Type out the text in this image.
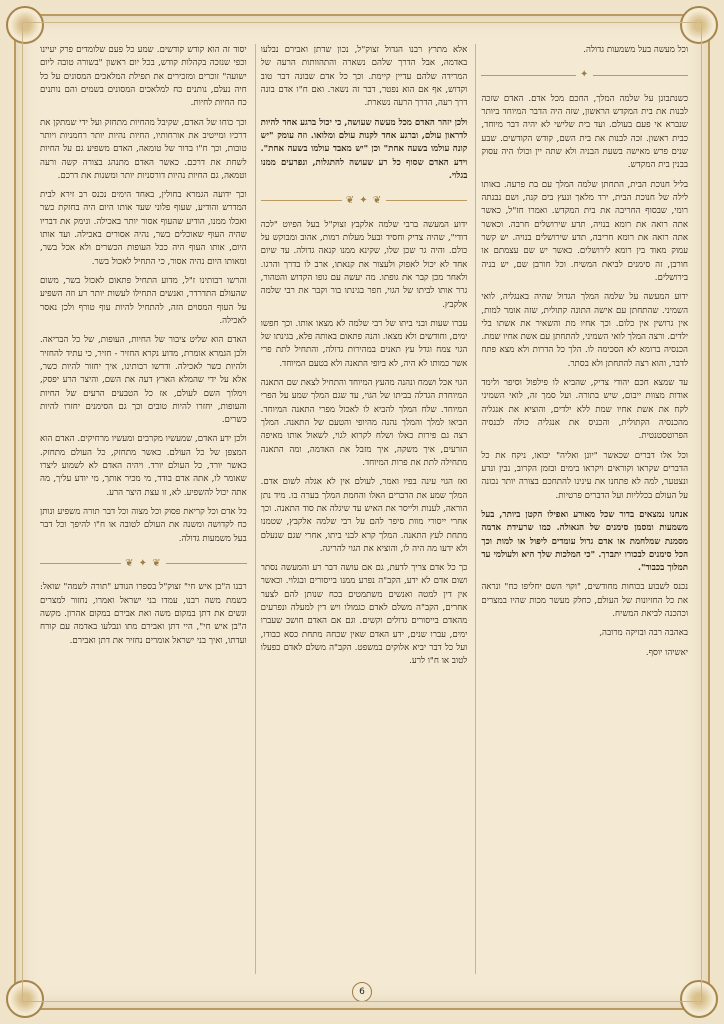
יסוד זה הוא קודש קודשים. שמע כל פעם שלומדים פרק יעיינו וכפי שנזכה בקהלות קודש, בכל יום ראשון "בשורה טובה ליום ישועה" זוכרים ומזכירים את תפילת המלאכים המסונים על כל חיה נעלם, נותנים כח למלאכים המסונים בשמים והם נותנים כח החיות לחיות.

וכך כוחו של האדם, שקיבל מהחיות מתחזק ועל ידי שמתקן את דרכיו ומייטיב את אורחותיו, החיות נהיות יותר רחמניות ויותר טובות, וכך ח"ו בדור של טומאה, האדם משפיע גם על החיות לשחת את דרכם. כאשר האדם מתנהג בצורה קשה ורעה וטמאה, גם החיות נהיות דורסניות יותר ומשנות את דרכם.

וכך ידועה הגמרא בחולין, באחד הימים נכנס רב זירא לבית המדרש והודיע, שעוף פלוני שעד אותו היום היה בחזקת כשר ואכלו ממנו, הודיע שהעוף אסור יותר באכילה. ונימק את דבריו שהיה העוף שאוכלים בשר, נהיה אסורים באכילה. ועד אותו היום, אותו העוף היה ככל העופות הכשרים ולא אכל בשר, ומאותו היום נהיה אסור, כי התחיל לאכול בשר.

והרשו רבותינו ז"ל, מדוע התחיל פתאום לאכול בשר, משום שהעולם התדרדר, ואנשים התחילו לעשות יותר רע וזה השפיע על העוף המסוים הזה, להתחיל להיות עוף טורף ולכן נאסר לאכילה.

האדם הוא שליט ציבור של החיות, העופות, של כל הבריאה. ולכן הגמרא אומרת, מדוע נקרא החזיר - חזיר, כי עתיד להחזיר ולהיות כשר לאכילה. ודרשו רבותינו, איך יחזור להיות כשר, אלא על ידי שהמלא הארץ דעה את השם, והיצר הרע יפסק, וימלוך השם לעולם, אז כל הטבעים הרעים של החיות והעופות, יחזרו להיות טובים וכך גם הסימנים יחזרו להיות כשרים.

ולכן ידע האדם, שמעשיו מקרבים ומעשיו מרחיקים. האדם הוא המצפן של כל העולם. כאשר מתחזק, כל העולם מתחזק. כאשר יורד, כל העולם יורד. ויהיה האדם לא לשמוע ליצרו שאומר לו, אתה אדם בודד, מי מכיר אותך, מי יודע עליך, מה אתה יכול להשפיע. לא, זו עצת היצר הרע.

כל אדם וכל קריאת פסוק וכל מצוה וכל דבר תורה משפיע ונותן כח לקדושה ומשנה את העולם לטובה או ח"ו להיפך וכל דבר בעל משמעות גדולה.

❦ ✦ ❦

רבנו ה"בן איש חי" זצוק"ל בספרו הנודע "תורה לשמה" שואל: כשמת משה רבנו, עמדו בני ישראל ואמרו, נחזור למצרים ונשים את דתן במקום משה ואת אבירם במקום אהרון. מקשה ה"בן איש חי", היי דתן ואבירם מתו ונבלעו באדמה עם קורח ועדתו, ואיך בני ישראל אומרים נחזיר את דתן ואבירם.

אלא מתרץ רבנו הגדול זצוק"ל, נכון שדתן ואבירם נבלעו באדמה, אבל הדרך שלהם נשארה והתהוותות הרעה של המרידה שלהם עדיין קיימת. וכך כל אדם שבונה דבר טוב וקדוש, אף אם הוא נפטר, דבר זה נשאר. ואם ח"ו אדם בונה דרך רעה, הדרך הרעה נשארת.

ולכן יזהר האדם מכל מעשה שעושה, כי יכול ברגע אחד להיות לדראון עולם, וברגע אחד לקנות עולם ומלואו. וזה עומק "יש קונה עולמו בשעה אחת" וכן "יש מאבד עולמו בשעה אחת". וידע האדם שסוף כל רע שעושה להתגלות, ונפרעים ממנו בגלוי.

❦ ✦ ❦

ידוע המעשה ברבי שלמה אלקבץ זצוק"ל בעל הפיוט "לכה דודי", שהיה צדיק וחסיד ובעל מעלות רמות, אהוב ומבוקש על כולם. והיה גר שכן שלו, שקינא ממנו קנאה גדולה. עד שיום אחד לא יכול לאפוק ולעצור את קנאתו, ארב לו בדרך והרגו. ולאחר מכן קבר את גופתו. מה יעשה עם גופו הקדוש והטהור, גרר אותו לביתו של הגוי, חפר בגינתו בור וקבר את רבי שלמה אלקבץ.

עברו שעות ובני ביתו של רבי שלמה לא מצאו אותו. וכך חפשו ימים, וחודשים ולא מצאו. והנה פתאום באותה פלא, בגינתו של הגוי צמח וגדל עץ תאנים במהירות גדולה, והתחיל לתת פרי אשר כמותו לא היה, לא ביופי התאנה ולא בטעם המיוחד.

הגוי אכל ושמח ונהנה מהעץ המיוחד והתחיל לצאת שם התאנה המיוחדת הגדלה בביתו של הגוי, עד שגם המלך שמע על הפרי המיוחד. שלח המלך להביא לו לאכול מפרי התאנה המיוחד. הביאו למלך והמלך נהנה מהיופי והטעם של התאנה. המלך רצה גם פירות כאלו ושלח לקרוא לגוי, לשאול אותו מאיפה הזרעים, איך משקה, איך מזבל את האדמה, ומה התאנה מתחילה לתת את פרות המיוחד.

ואז הגוי עינה בפיו ואמר, לעולם אין לא אגלה לשום אדם. המלך שמע את הדברים האלו והחמת המלך בערה בו. מיד נתן הוראה, לענות ולייסר את האיש עד שיגלה את סוד התאנה. וכך אחרי ייסורי מוות סיפר להם על רבי שלמה אלקבץ, שטמנו מתחת לעץ התאנה. המלך קרא לבני ביתו, אחרי שגם שנעלם ולא ידעו מה היה לו, והוציא את הגוי להריגה.

כך כל אדם צריך לדעת, גם אם עושה דבר רע והמעשה נסתר ושום אדם לא ידע, הקב"ה נפרע ממנו בייסורים ובגלוי. וכאשר אין דין למטה ואנשים משתמטים בכח שנותן להם לצער אחרים, הקב"ה משלם לאדם כגמולו ויש דין למעלה ונפרעים מהאדם בייסורים גדולים וקשים. וגם אם האדם חושב שעברו ימים, עברו שנים, ידע האדם שאין שכחה מתחת כסא כבודו, ועל כל דבר יביא אלוקים במשפט. הקב"ה משלם לאדם כפעלו לטוב או ח"ו לרע.

וכל מעשה בעל משמעות גדולה.

✦

כשנתבונן על שלמה המלך, החכם מכל אדם. האדם שזכה לבנות את בית המקדש הראשון, שזה היה הדבר המיוחד ביותר שנברא אי פעם בעולם. ועד בית שלישי לא יהיה דבר מיוחד, כבית ראשון. זכה לבנות את בית השם, קודש הקודשים. שבע שנים פרש מאישה בשעת הבניה ולא שתה יין וכולו היה עסוק בבנין בית המקדש.

בליל חנוכת הבית, התחתן שלמה המלך עם בת פרעה. באותו לילה של חנוכת הבית, ירד מלאך ונעץ בים קנה, ושם נבנתה רומי, שבסוף החריבה את בית המקדש. ואמרו חז"ל, כאשר אתה רואה את רומא בנויה, תדע שירושלים חרבה. וכאשר אתה רואה את רומא חריבה, תדע שירושלים בנויה. יש קשר עמוק מאוד בין רומא לירושלים. כאשר יש שם עצמתם או חורבן, זה סימנים לביאת המשיח. וכל חורבן שם, יש בניה בירושלים.

ידוע המעשה על שלמה המלך הגדול שהיה באנגליה, לואי השמיני. שהתחתן עם אישה התונה קתולית, שזה אומר למות, אין גרושין אין כלום. וכך אחיו מת והשאיר את אשתו בלי ילדים. ורצה המלך לואי השמיני, להתחתן עם אשת אחיו שמת. הכנסיה ברומא לא הסכימה לו. הלך כל הדרות ולא מצא פתח לדבר, והוא רצה להתחתן ולא בסתר.

עד שמצא חכם יהודי צדיק, שהביא לו פילפול וסיפר ולימד אודות מצוות ייבום, שיש בתורה. ועל סמך זה, לואי השמיני לקח את אשת אחיו שמת ללא ילדים, והוציא את אנגליה מהכנסיה הקתולית, והכניס את אנגליה כולה לכנסיה הפרוטסטנטית.

וכל אלו דברים שכאשר "יונן ואליה" יבואו, ניקח את כל הדברים שקראו וקוראים ויקראו בימים ובזמן הקרוב, נבין ונדע ונצטער, למה לא פתחנו את עינינו להתחכם בצורה יותר נכונה על העולם בכלליות ועל הדברים פרטיות.

אנחנו נמצאים בדור שכל מאורע ואפילו הקטן ביותר, בעל משמעות ומסמן סימנים של הגאולה. כמו שרעידת אדמה מסמנת שמלחמת או אדם גדול עומדים ליפול או למות וכך הכל סימנים לבכורו יתברך. "כי המלכות שלך היא ולעולמי עד תמלוך בכבוד".

נכנס לשבוע בכוחות מחודשים, "וקוי השם יחליפו כח" ונראה את כל החזיונות של העולם, כחלק מעשר מכות שהיו במצרים וכהכנה לביאת המשיח.

באהבה רבה ובזיקה מרובה,

יאשיהו יוסף.

6
